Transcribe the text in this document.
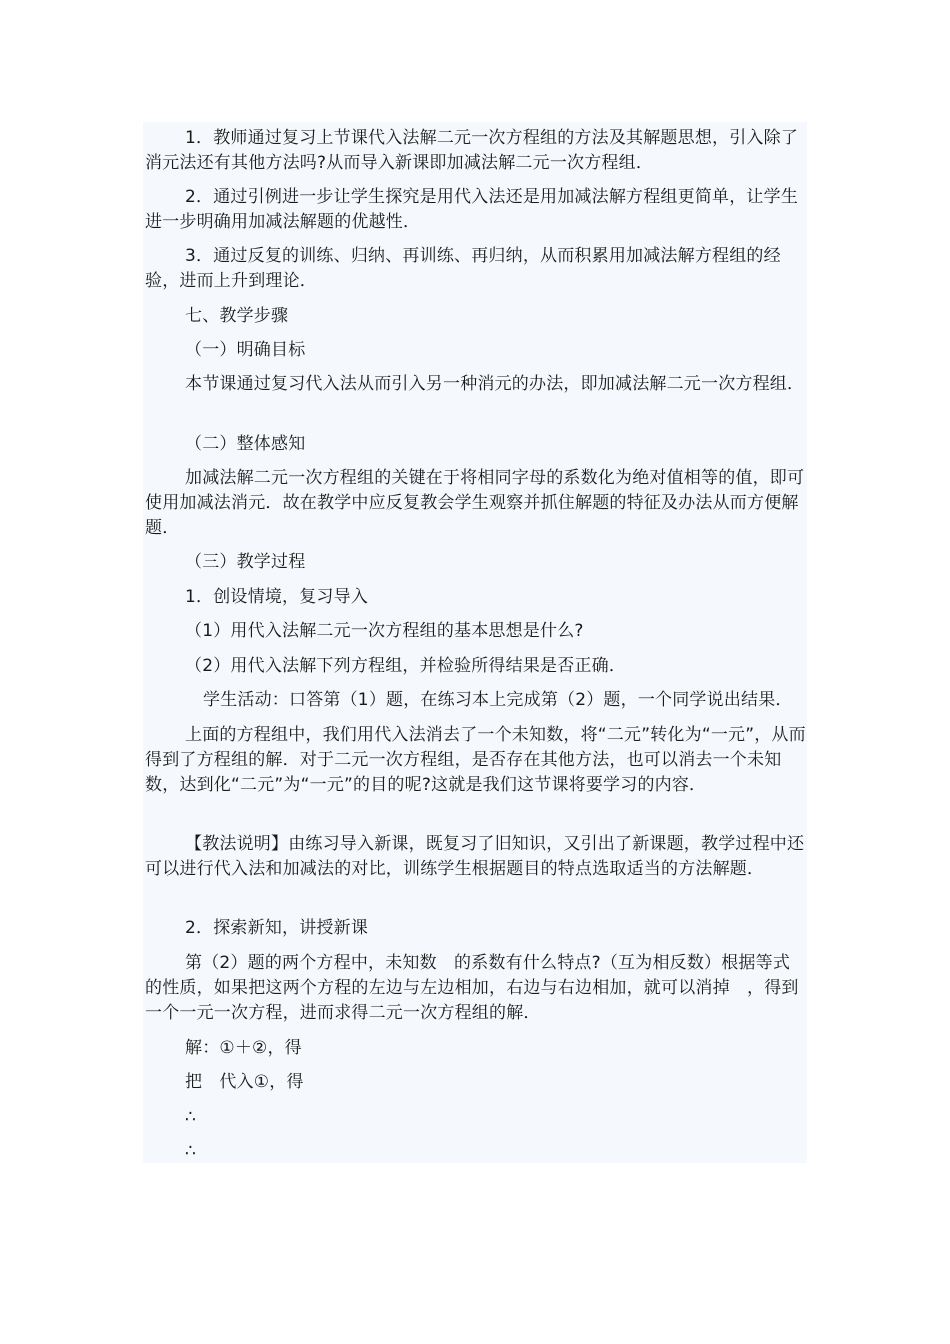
1．教师通过复习上节课代入法解二元一次方程组的方法及其解题思想，引入除了消元法还有其他方法吗?从而导入新课即加减法解二元一次方程组．

2．通过引例进一步让学生探究是用代入法还是用加减法解方程组更简单，让学生进一步明确用加减法解题的优越性．

3．通过反复的训练、归纳、再训练、再归纳，从而积累用加减法解方程组的经验，进而上升到理论．

七、教学步骤

（一）明确目标

本节课通过复习代入法从而引入另一种消元的办法，即加减法解二元一次方程组．

（二）整体感知

加减法解二元一次方程组的关键在于将相同字母的系数化为绝对值相等的值，即可使用加减法消元．故在教学中应反复教会学生观察并抓住解题的特征及办法从而方便解题．

（三）教学过程

1．创设情境，复习导入

（1）用代入法解二元一次方程组的基本思想是什么?

（2）用代入法解下列方程组，并检验所得结果是否正确．

学生活动：口答第（1）题，在练习本上完成第（2）题，一个同学说出结果．

上面的方程组中，我们用代入法消去了一个未知数，将“二元”转化为“一元”，从而得到了方程组的解．对于二元一次方程组，是否存在其他方法，也可以消去一个未知数，达到化“二元”为“一元”的目的呢?这就是我们这节课将要学习的内容．

【教法说明】由练习导入新课，既复习了旧知识，又引出了新课题，教学过程中还可以进行代入法和加减法的对比，训练学生根据题目的特点选取适当的方法解题．

2．探索新知，讲授新课

第（2）题的两个方程中，未知数　的系数有什么特点?（互为相反数）根据等式的性质，如果把这两个方程的左边与左边相加，右边与右边相加，就可以消掉　，得到一个一元一次方程，进而求得二元一次方程组的解．

解：①＋②，得

把　代入①，得

∴

∴
